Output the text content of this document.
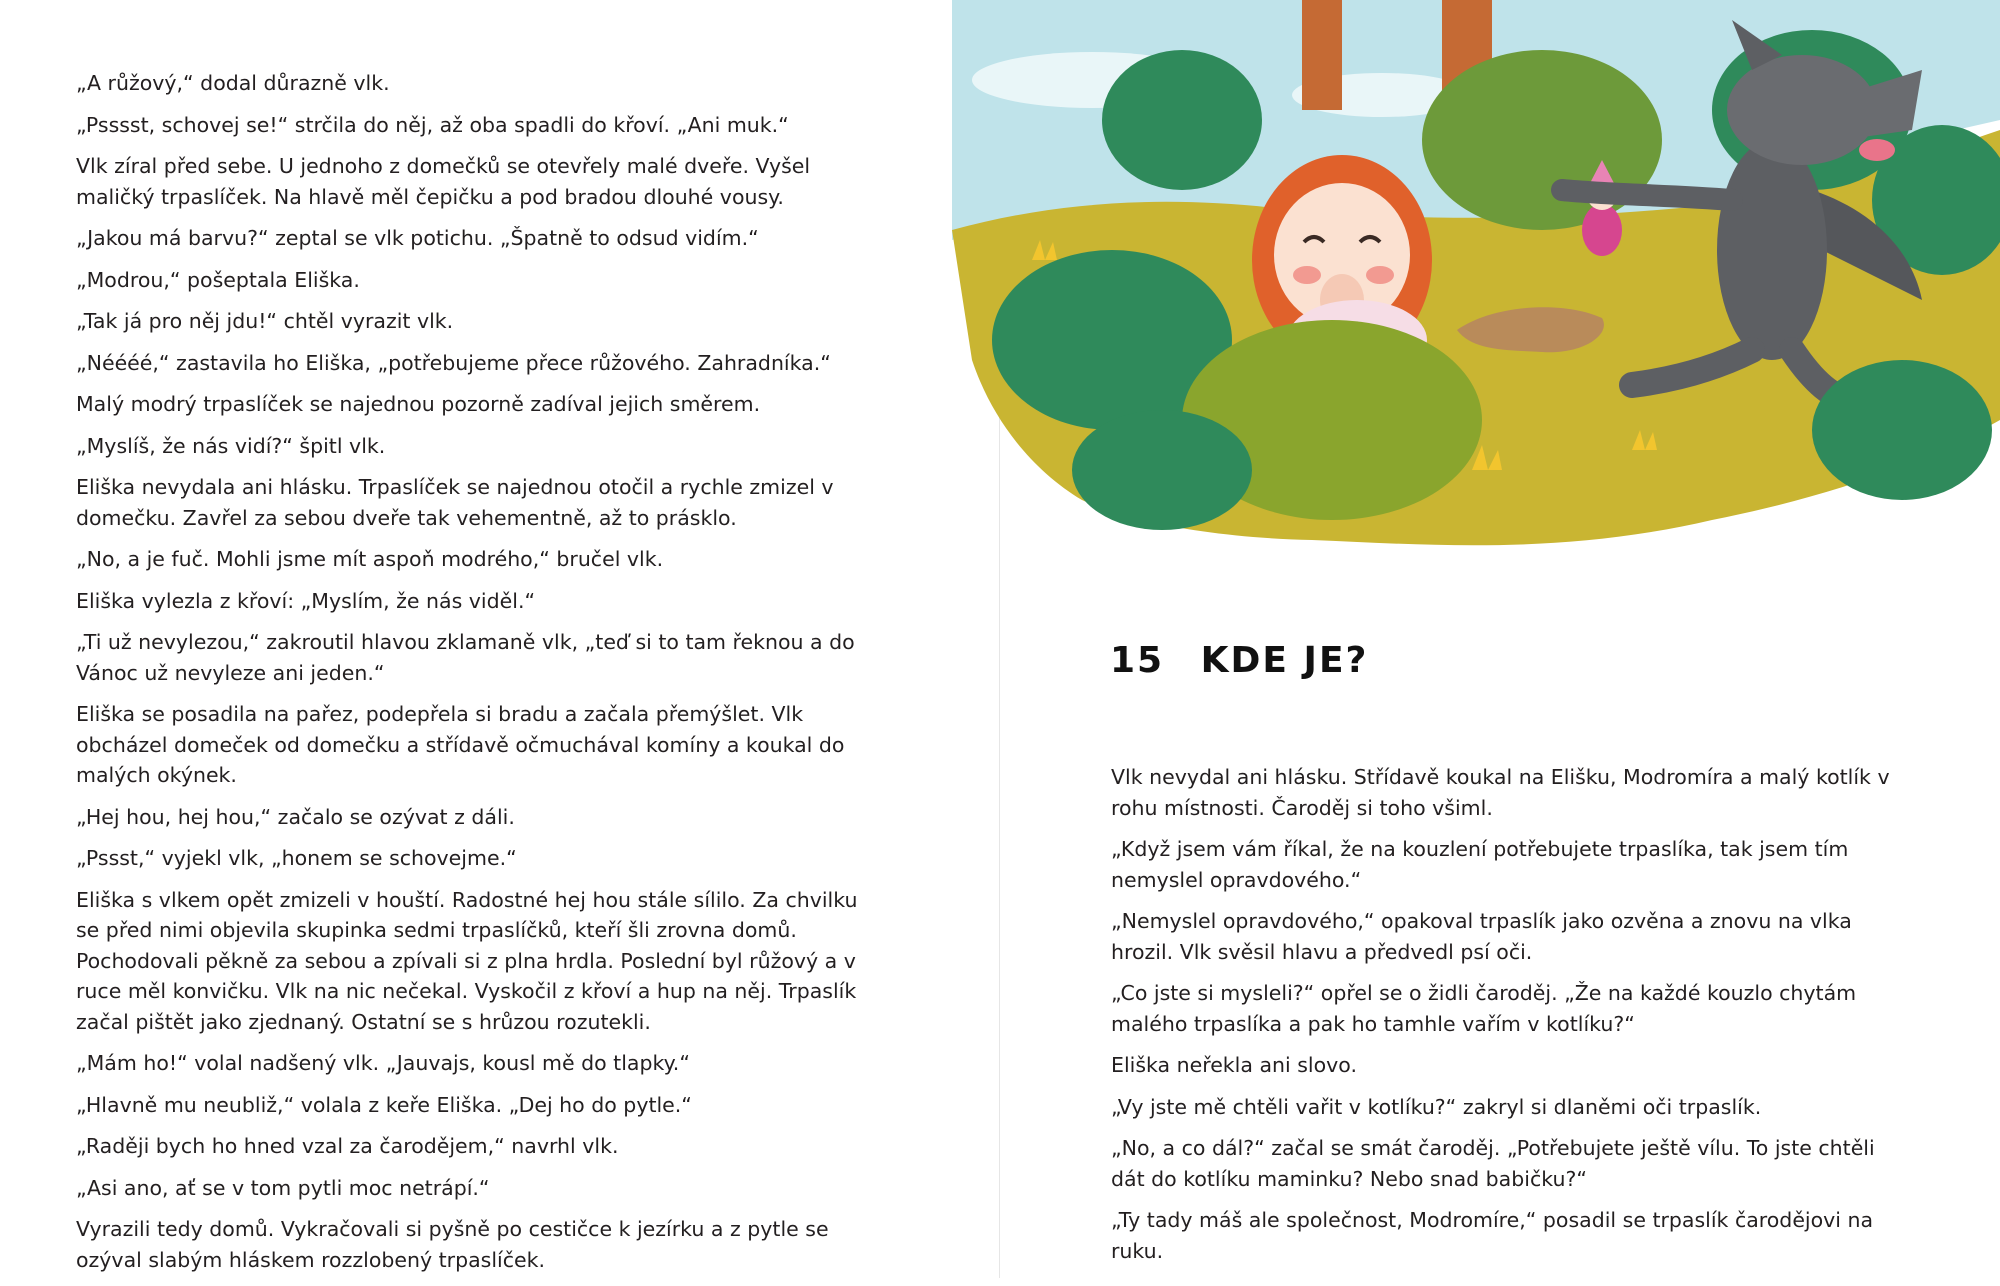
„A růžový,“ dodal důrazně vlk.

„Psssst, schovej se!“ strčila do něj, až oba spadli do křoví. „Ani muk.“

Vlk zíral před sebe. U jednoho z domečků se otevřely malé dveře. Vyšel maličký trpaslíček. Na hlavě měl čepičku a pod bradou dlouhé vousy.

„Jakou má barvu?“ zeptal se vlk potichu. „Špatně to odsud vidím.“

„Modrou,“ pošeptala Eliška.

„Tak já pro něj jdu!“ chtěl vyrazit vlk.

„Néééé,“ zastavila ho Eliška, „potřebujeme přece růžového. Zahradníka.“

Malý modrý trpaslíček se najednou pozorně zadíval jejich směrem.

„Myslíš, že nás vidí?“ špitl vlk.

Eliška nevydala ani hlásku. Trpaslíček se najednou otočil a rychle zmizel v domečku. Zavřel za sebou dveře tak vehementně, až to prásklo.

„No, a je fuč. Mohli jsme mít aspoň modrého,“ bručel vlk.

Eliška vylezla z křoví: „Myslím, že nás viděl.“

„Ti už nevylezou,“ zakroutil hlavou zklamaně vlk, „teď si to tam řeknou a do Vánoc už nevyleze ani jeden.“

Eliška se posadila na pařez, podepřela si bradu a začala přemýšlet. Vlk obcházel domeček od domečku a střídavě očmuchával komíny a koukal do malých okýnek.

„Hej hou, hej hou,“ začalo se ozývat z dáli.

„Pssst,“ vyjekl vlk, „honem se schovejme.“

Eliška s vlkem opět zmizeli v houští. Radostné hej hou stále sílilo. Za chvilku se před nimi objevila skupinka sedmi trpaslíčků, kteří šli zrovna domů. Pochodovali pěkně za sebou a zpívali si z plna hrdla. Poslední byl růžový a v ruce měl konvičku. Vlk na nic nečekal. Vyskočil z křoví a hup na něj. Trpaslík začal pištět jako zjednaný. Ostatní se s hrůzou rozutekli.

„Mám ho!“ volal nadšený vlk. „Jauvajs, kousl mě do tlapky.“

„Hlavně mu neubliž,“ volala z keře Eliška. „Dej ho do pytle.“

„Raději bych ho hned vzal za čarodějem,“ navrhl vlk.

„Asi ano, ať se v tom pytli moc netrápí.“

Vyrazili tedy domů. Vykračovali si pyšně po cestičce k jezírku a z pytle se ozýval slabým hláskem rozzlobený trpaslíček.

15 KDE JE?

Vlk nevydal ani hlásku. Střídavě koukal na Elišku, Modromíra a malý kotlík v rohu místnosti. Čaroděj si toho všiml.

„Když jsem vám říkal, že na kouzlení potřebujete trpaslíka, tak jsem tím nemyslel opravdového.“

„Nemyslel opravdového,“ opakoval trpaslík jako ozvěna a znovu na vlka hrozil. Vlk svěsil hlavu a předvedl psí oči.

„Co jste si mysleli?“ opřel se o židli čaroděj. „Že na každé kouzlo chytám malého trpaslíka a pak ho tamhle vařím v kotlíku?“

Eliška neřekla ani slovo.

„Vy jste mě chtěli vařit v kotlíku?“ zakryl si dlaněmi oči trpaslík.

„No, a co dál?“ začal se smát čaroděj. „Potřebujete ještě vílu. To jste chtěli dát do kotlíku maminku? Nebo snad babičku?“

„Ty tady máš ale společnost, Modromíre,“ posadil se trpaslík čarodějovi na ruku.
